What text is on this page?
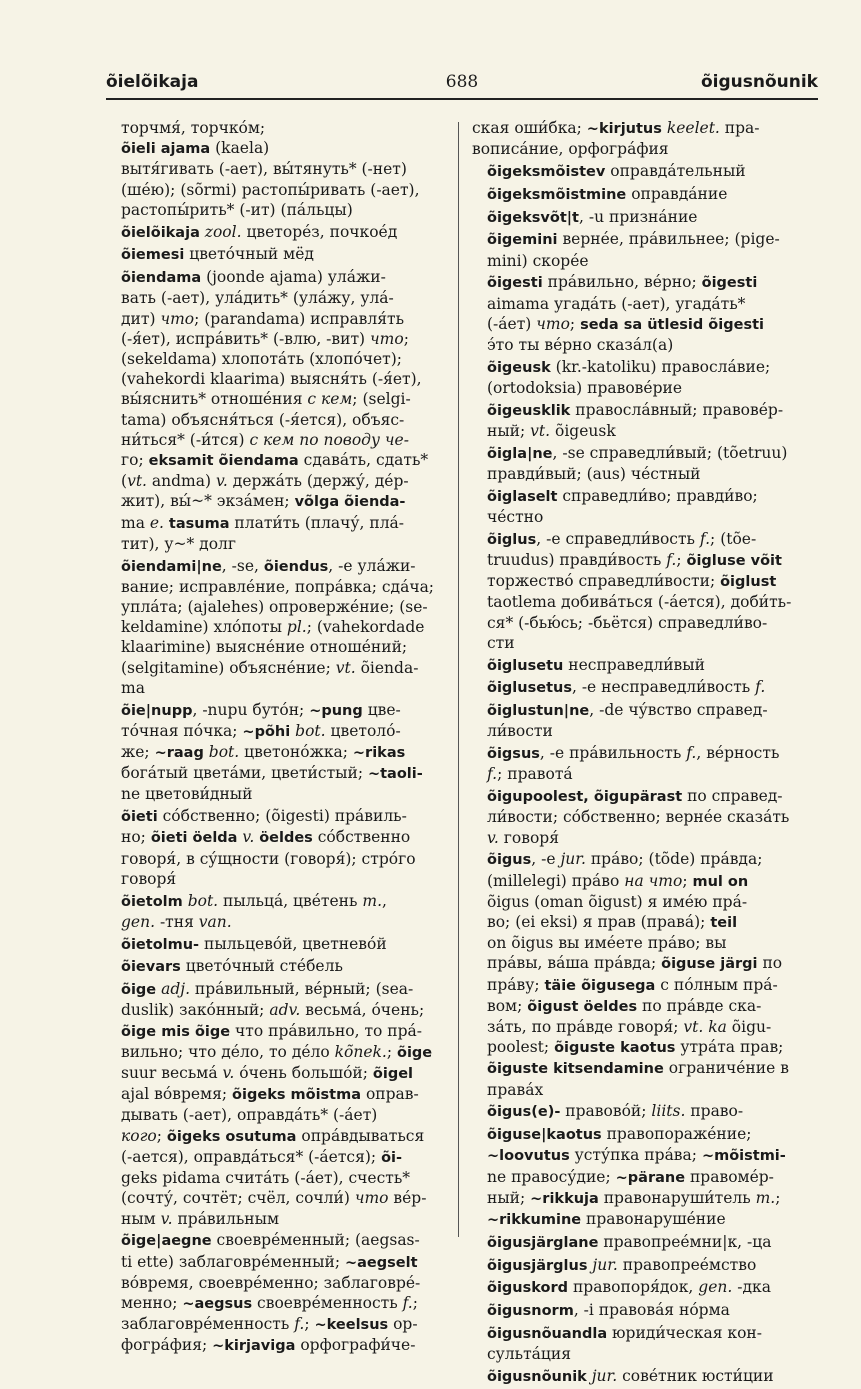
õielõikaja	688	õigusnõunik
торчмя́, торчко́м;
õieli ajama (kaela)
вытя́гивать (-ает), вы́тянуть* (-нет)
(ше́ю); (sõrmi) растопы́ривать (-ает),
растопы́рить* (-ит) (па́льцы)
õielõikaja zool. цветоре́з, почкое́д
õiemesi цвето́чный мёд
õiendama (joonde ajama) ула́жи-
вать (-ает), ула́дить* (ула́жу, ула́-
дит) что; (parandama) исправля́ть
(-я́ет), испра́вить* (-влю, -вит) что;
(sekeldama) хлопота́ть (хлопо́чет);
(vahekordi klaarima) выясня́ть (-я́ет),
вы́яснить* отноше́ния с кем; (selgi-
tama) объясня́ться (-я́ется), объяс-
ни́ться* (-и́тся) с кем по поводу че-
го; eksamit õiendama сдава́ть, сдать*
(vt. andma) v. держа́ть (держу́, де́р-
жит), вы́~* экза́мен; võlga õienda-
ma e. tasuma плати́ть (плачу́, пла́-
тит), у~* долг
õiendami|ne, -se, õiendus, -e ула́жи-
вание; исправле́ние, попра́вка; сда́ча;
упла́та; (ajalehes) опроверже́ние; (se-
keldamine) хло́поты pl.; (vahekordade
klaarimine) выясне́ние отноше́ний;
(selgitamine) объясне́ние; vt. õienda-
ma
õie|nupp, -nupu буто́н; ~pung цве-
то́чная по́чка; ~põhi bot. цветоло́-
же; ~raag bot. цветоно́жка; ~rikas
бога́тый цвета́ми, цвети́стый; ~taoli-
ne цветови́дный
õieti со́бственно; (õigesti) пра́виль-
но; õieti öelda v. öeldes со́бственно
говоря́, в су́щности (говоря́); стро́го
говоря́
õietolm bot. пыльца́, цве́тень m.,
gen. -тня van.
õietolmu- пыльцево́й, цветнево́й
õievars цвето́чный сте́бель
õige adj. пра́вильный, ве́рный; (sea-
duslik) зако́нный; adv. весьма́, о́чень;
õige mis õige что пра́вильно, то пра́-
вильно; что де́ло, то де́ло kõnek.; õige
suur весьма́ v. о́чень большо́й; õigel
ajal во́время; õigeks mõistma оправ-
дывать (-ает), оправда́ть* (-а́ет)
кого; õigeks osutuma опра́вдываться
(-ается), оправда́ться* (-а́ется); õi-
geks pidama счита́ть (-а́ет), счесть*
(сочту́, сочтёт; счёл, сочли́) что ве́р-
ным v. пра́вильным
õige|aegne своевре́менный; (aegsas-
ti ette) заблаговре́менный; ~aegselt
во́время, своевре́менно; заблаговре́-
менно; ~aegsus своевре́менность f.;
заблаговре́менность f.; ~keelsus ор-
фогра́фия; ~kirjaviga орфографи́че-
ская оши́бка; ~kirjutus keelet. пра-
вописа́ние, орфогра́фия
õigeksmõistev оправда́тельный
õigeksmõistmine оправда́ние
õigeksvõt|t, -u призна́ние
õigemini верне́е, пра́вильнее; (pige-
mini) скоре́е
õigesti пра́вильно, ве́рно; õigesti
aimama угада́ть (-ает), угада́ть*
(-а́ет) что; seda sa ütlesid õigesti
э́то ты ве́рно сказа́л(а)
õigeusk (kr.-katoliku) правосла́вие;
(ortodoksia) правове́рие
õigeusklik правосла́вный; правове́р-
ный; vt. õigeusk
õigla|ne, -se справедли́вый; (tõetruu)
правди́вый; (aus) че́стный
õiglaselt справедли́во; правди́во;
че́стно
õiglus, -e справедли́вость f.; (tõe-
truudus) правди́вость f.; õigluse võit
торжество́ справедли́вости; õiglust
taotlema добива́ться (-а́ется), доби́ть-
ся* (-бью́сь; -бьётся) справедли́во-
сти
õiglusetu несправедли́вый
õiglusetus, -e несправедли́вость f.
õiglustun|ne, -de чу́вство справед-
ли́вости
õigsus, -e пра́вильность f., ве́рность
f.; правота́
õigupoolest, õigupärast по справед-
ли́вости; со́бственно; верне́е сказа́ть
v. говоря́
õigus, -e jur. пра́во; (tõde) пра́вда;
(millelegi) пра́во на что; mul on
õigus (oman õigust) я име́ю пра́-
во; (ei eksi) я прав (права́); teil
on õigus вы име́ете пра́во; вы
пра́вы, ва́ша пра́вда; õiguse järgi по
пра́ву; täie õigusega с по́лным пра́-
вом; õigust öeldes по пра́вде ска-
за́ть, по пра́вде говоря́; vt. ka õigu-
poolest; õiguste kaotus утра́та прав;
õiguste kitsendamine ограниче́ние в
права́х
õigus(e)- правово́й; liits. право-
õiguse|kaotus правопораже́ние;
~loovutus усту́пка пра́ва; ~mõistmi-
ne правосу́дие; ~pärane правоме́р-
ный; ~rikkuja правонаруши́тель m.;
~rikkumine правонаруше́ние
õigusjärglane правопрее́мни|к, -ца
õigusjärglus jur. правопрее́мство
õiguskord правопоря́док, gen. -дка
õigusnorm, -i правова́я но́рма
õigusnõuandla юриди́ческая кон-
сульта́ция
õigusnõunik jur. сове́тник юсти́ции
